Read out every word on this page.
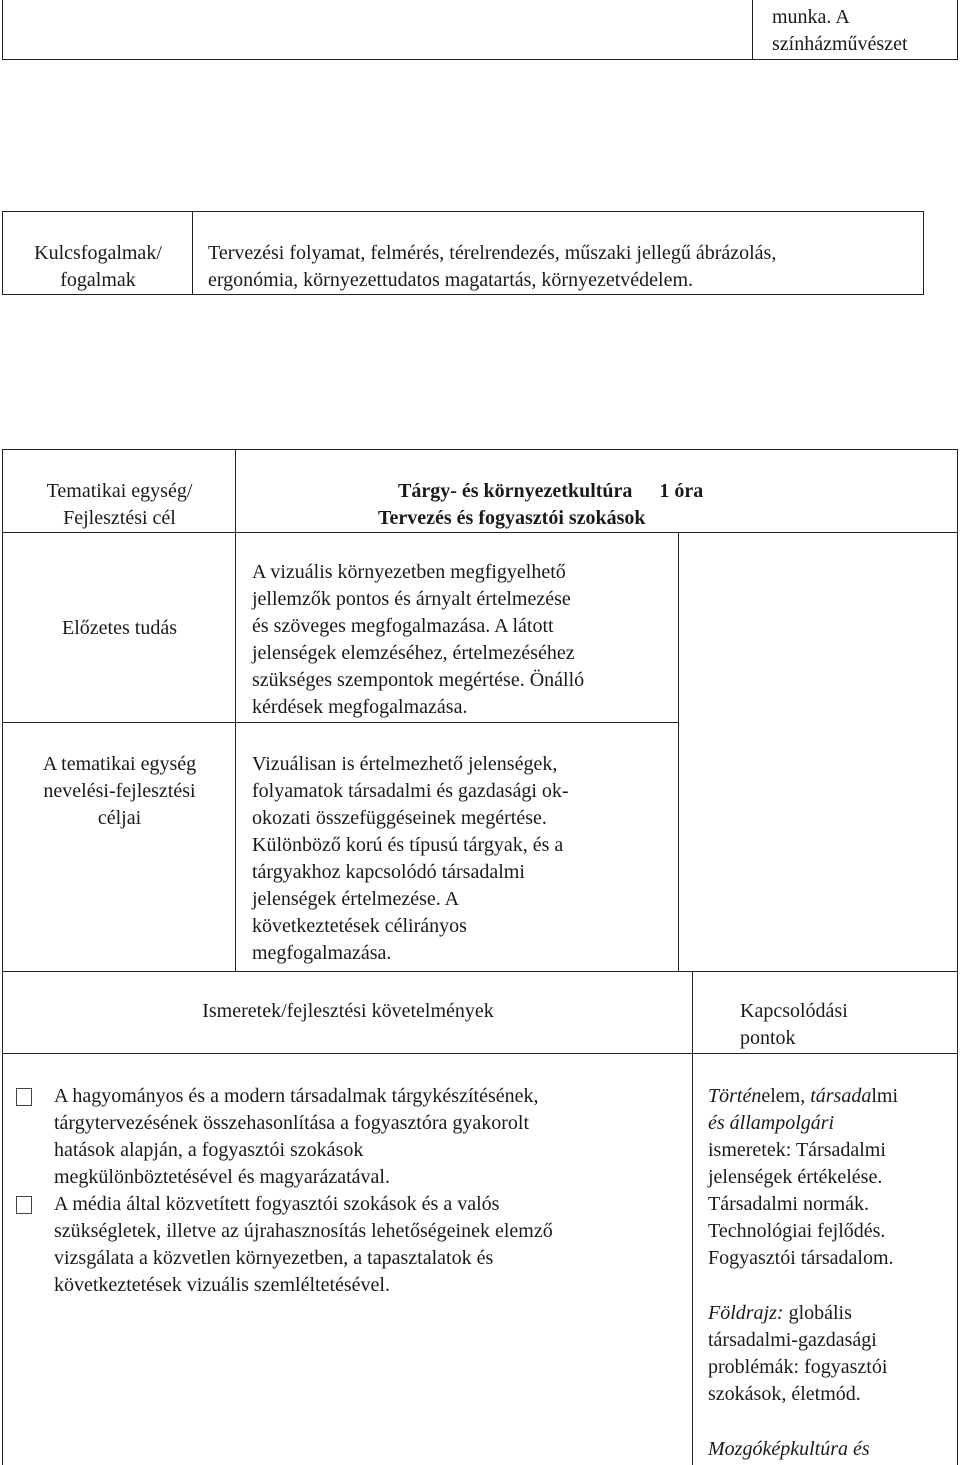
munka. A
színházművészet
Kulcsfogalmak/
fogalmak
Tervezési folyamat, felmérés, térelrendezés, műszaki jellegű ábrázolás,
ergonómia, környezettudatos magatartás, környezetvédelem.
Tematikai egység/
Fejlesztési cél
Tárgy- és környezetkultúra 1 óra
Tervezés és fogyasztói szokások
Előzetes tudás
A vizuális környezetben megfigyelhető
jellemzők pontos és árnyalt értelmezése
és szöveges megfogalmazása. A látott
jelenségek elemzéséhez, értelmezéséhez
szükséges szempontok megértése. Önálló
kérdések megfogalmazása.
A tematikai egység
nevelési-fejlesztési
céljai
Vizuálisan is értelmezhető jelenségek,
folyamatok társadalmi és gazdasági ok-
okozati összefüggéseinek megértése.
Különböző korú és típusú tárgyak, és a
tárgyakhoz kapcsolódó társadalmi
jelenségek értelmezése. A
következtetések célirányos
megfogalmazása.
Ismeretek/fejlesztési követelmények	Kapcsolódási
pontok
A hagyományos és a modern társadalmak tárgykészítésének,
tárgytervezésének összehasonlítása a fogyasztóra gyakorolt
hatások alapján, a fogyasztói szokások
megkülönböztetésével és magyarázatával.
A média által közvetített fogyasztói szokások és a valós
szükségletek, illetve az újrahasznosítás lehetőségeinek elemző
vizsgálata a közvetlen környezetben, a tapasztalatok és
következtetések vizuális szemléltetésével.
Történelem, társadalmi
és állampolgári
ismeretek: Társadalmi
jelenségek értékelése.
Társadalmi normák.
Technológiai fejlődés.
Fogyasztói társadalom.
Földrajz: globális
társadalmi-gazdasági
problémák: fogyasztói
szokások, életmód.
Mozgóképkultúra és
